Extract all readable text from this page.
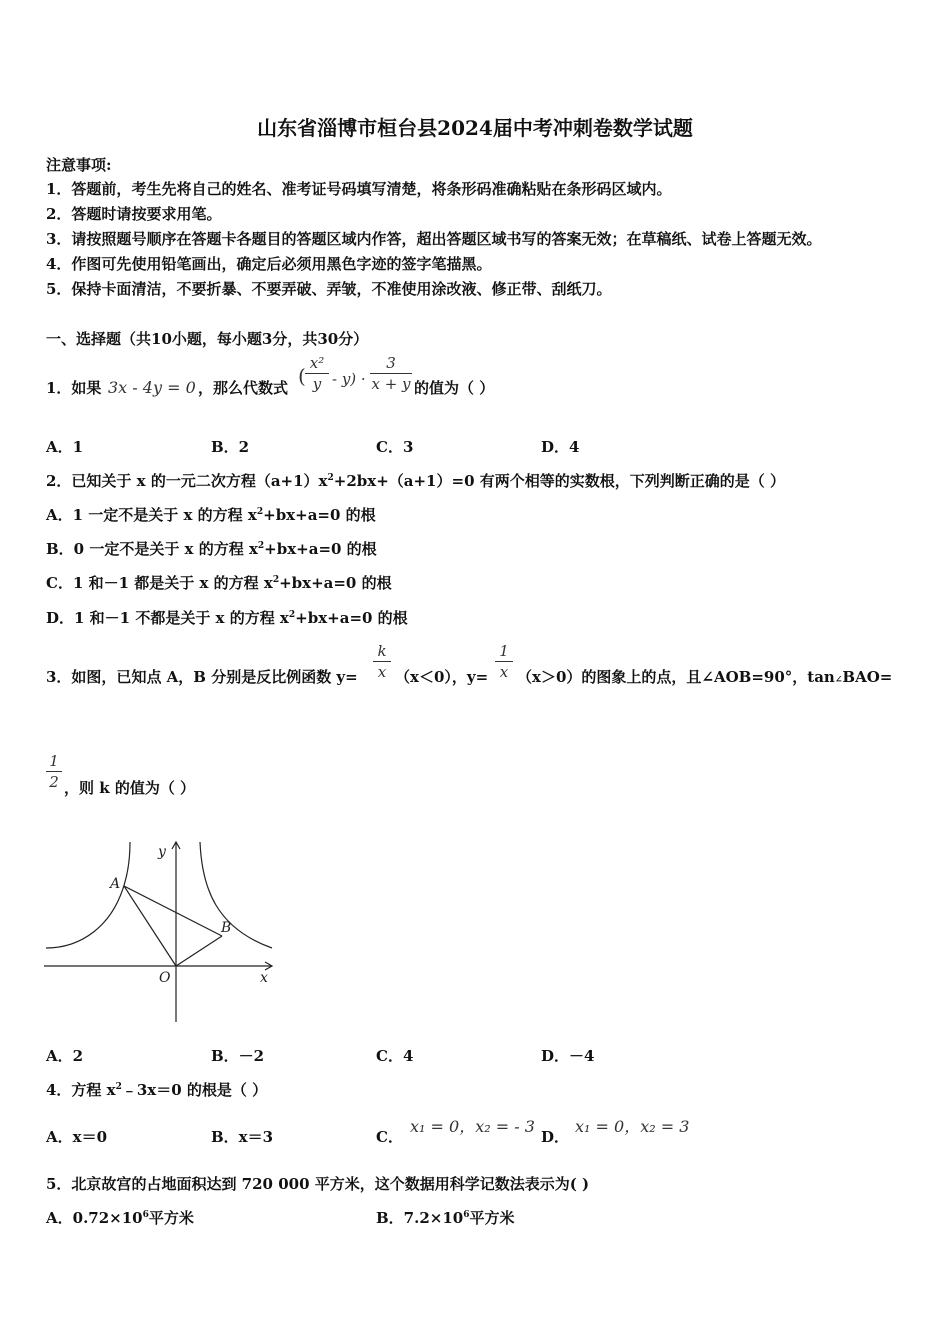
山东省淄博市桓台县2024届中考冲刺卷数学试题
注意事项:
1．答题前，考生先将自己的姓名、准考证号码填写清楚，将条形码准确粘贴在条形码区域内。
2．答题时请按要求用笔。
3．请按照题号顺序在答题卡各题目的答题区域内作答，超出答题区域书写的答案无效；在草稿纸、试卷上答题无效。
4．作图可先使用铅笔画出，确定后必须用黑色字迹的签字笔描黑。
5．保持卡面清洁，不要折暴、不要弄破、弄皱，不准使用涂改液、修正带、刮纸刀。
一、选择题（共10小题，每小题3分，共30分）
1．如果 3x - 4y = 0 ，那么代数式 (
x²
y - y) ·
3
x + y 的值为（ ）
A．1	B．2	C．3	D．4
2．已知关于 x 的一元二次方程$(a+1)x^2+2bx+(a+1)=0$ 有两个相等的实数根，下列判断正确的是（ ）
A．1 一定不是关于 x 的方程 $x^2+bx+a=0$ 的根
B．0 一定不是关于 x 的方程 $x^2+bx+a=0$ 的根
C．1 和－1 都是关于 x 的方程 $x^2+bx+a=0$ 的根
D．1 和－1 不都是关于 x 的方程 $x^2+bx+a=0$ 的根
3．如图，已知点 A，B 分别是反比例函数 y=
k
x （x＜0），y=
1
x （x＞0）的图象上的点，且∠AOB=90°，tan∠BAO=
1
2 ，则 k 的值为（ ）
y
x
A
B
O
A．2	B．－2	C．4	D．－4
4．方程 $x^2﹣3x=0$ 的根是（ ）
A．x＝0	B．x＝3	C．
x₁ = 0，x₂ = - 3
D．
x₁ = 0，x₂ = 3
5．北京故宫的占地面积达到 720 000 平方米，这个数据用科学记数法表示为( )
A．$0.72\times 10^6$平方米	B．$7.2\times 10^6$平方米
